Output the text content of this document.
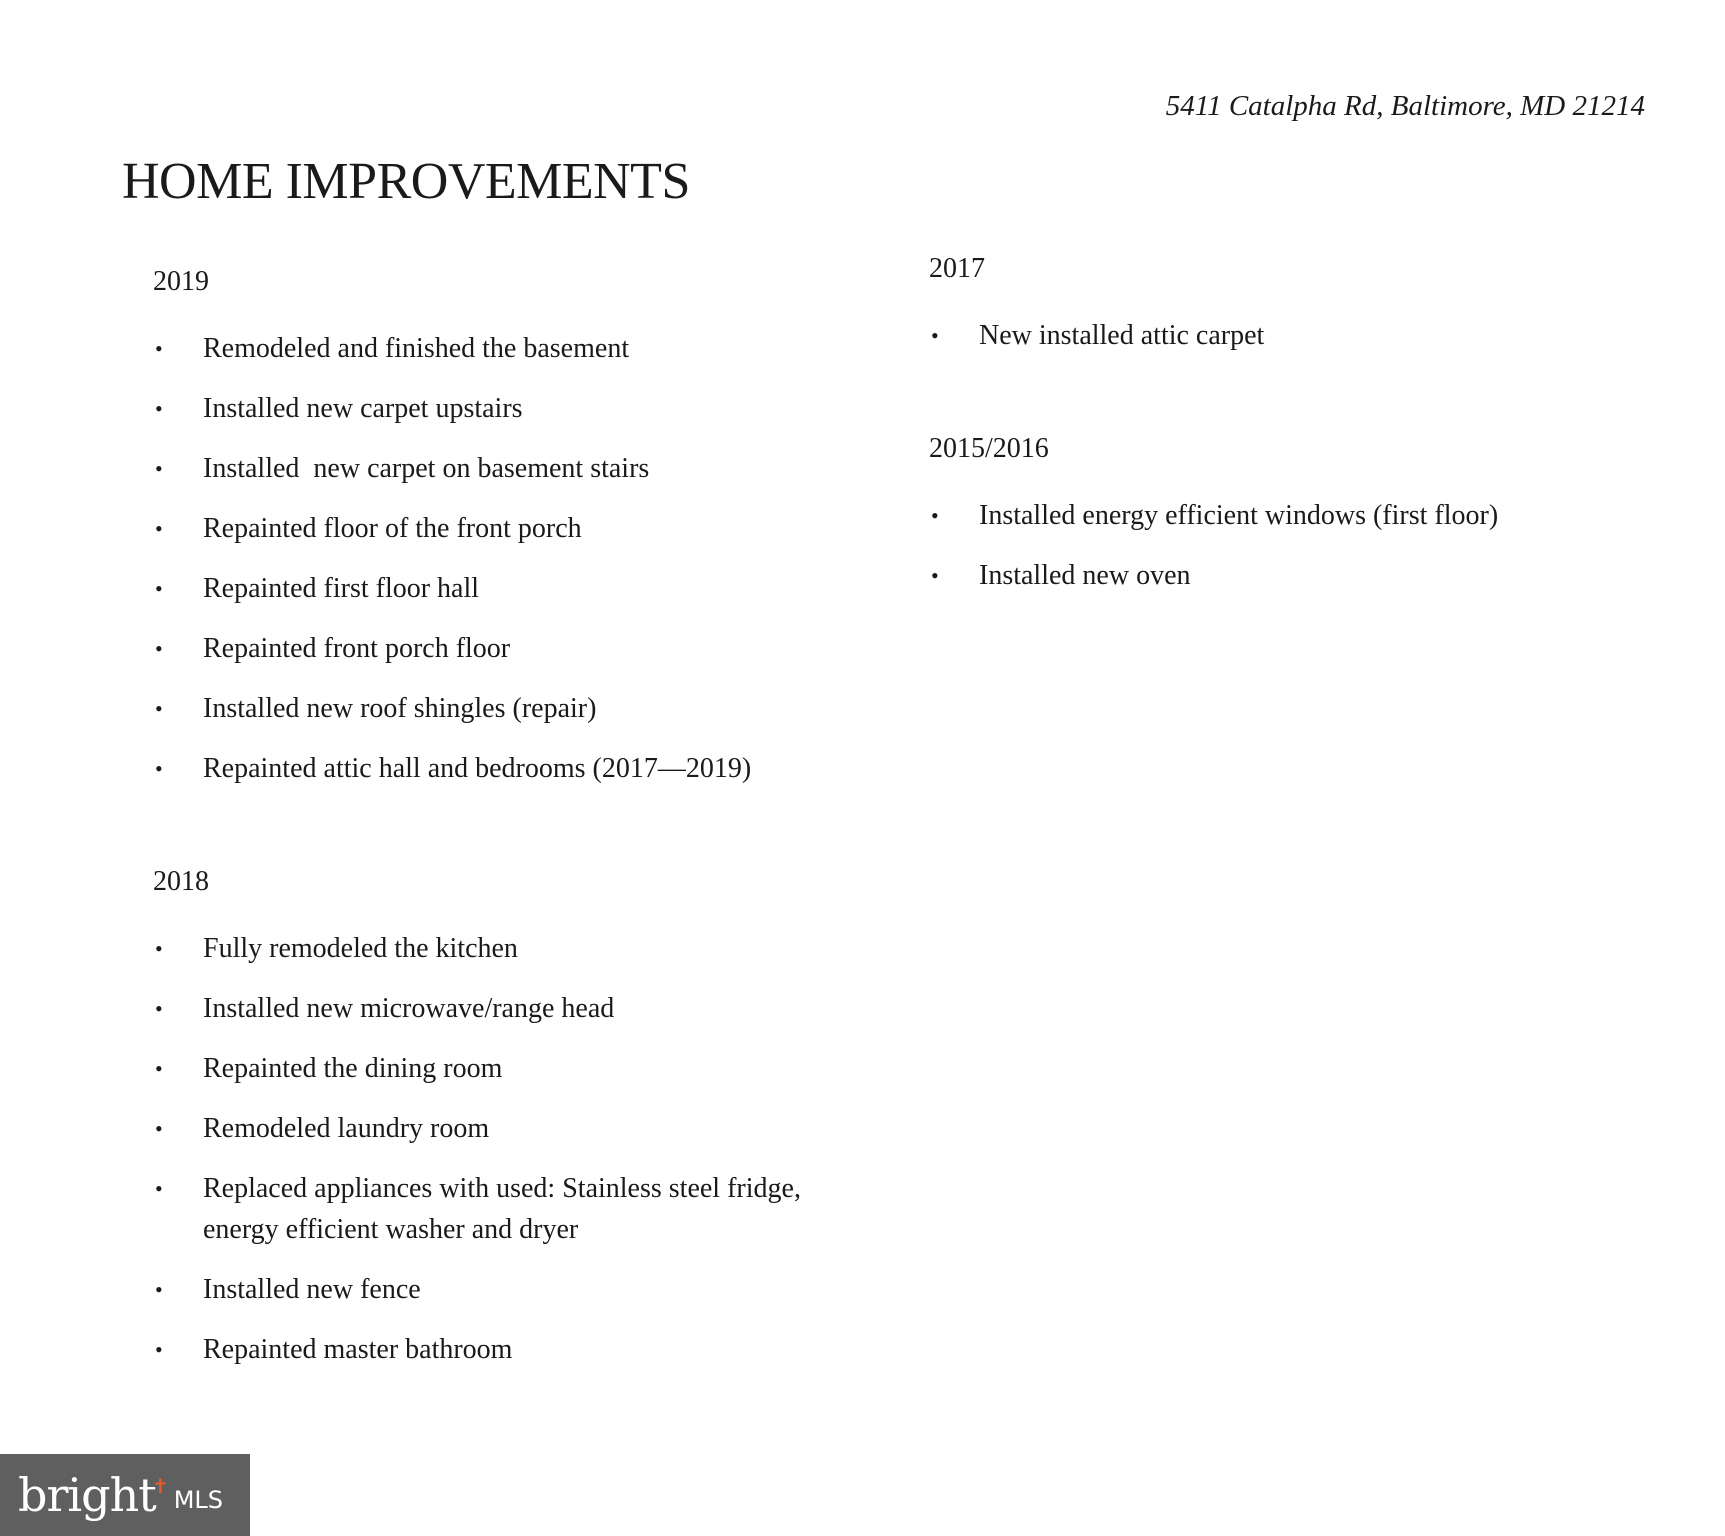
5411 Catalpha Rd, Baltimore, MD 21214
HOME IMPROVEMENTS
2019
• Remodeled and finished the basement
• Installed new carpet upstairs
• Installed  new carpet on basement stairs
• Repainted floor of the front porch
• Repainted first floor hall
• Repainted front porch floor
• Installed new roof shingles (repair)
• Repainted attic hall and bedrooms (2017—2019)
2018
• Fully remodeled the kitchen
• Installed new microwave/range head
• Repainted the dining room
• Remodeled laundry room
• Replaced appliances with used: Stainless steel fridge, energy efficient washer and dryer
• Installed new fence
• Repainted master bathroom
2017
• New installed attic carpet
2015/2016
• Installed energy efficient windows (first floor)
• Installed new oven
bright
✝ MLS
